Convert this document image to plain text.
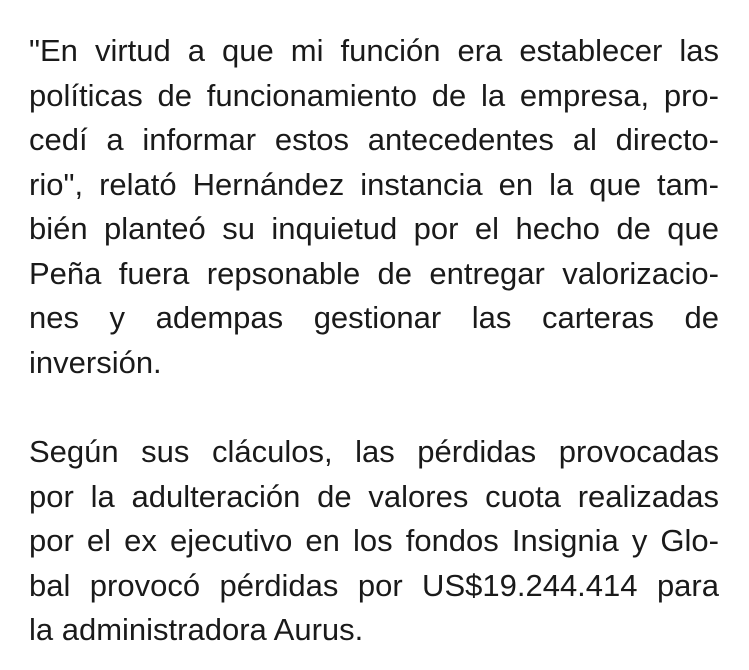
"En virtud a que mi función era establecer las
políticas de funcionamiento de la empresa, pro-
cedí a informar estos antecedentes al directo-
rio", relató Hernández instancia en la que tam-
bién planteó su inquietud por el hecho de que
Peña fuera repsonable de entregar valorizacio-
nes y adempas gestionar las carteras de
inversión.
Según sus cláculos, las pérdidas provocadas
por la adulteración de valores cuota realizadas
por el ex ejecutivo en los fondos Insignia y Glo-
bal provocó pérdidas por US$19.244.414 para
la administradora Aurus.
